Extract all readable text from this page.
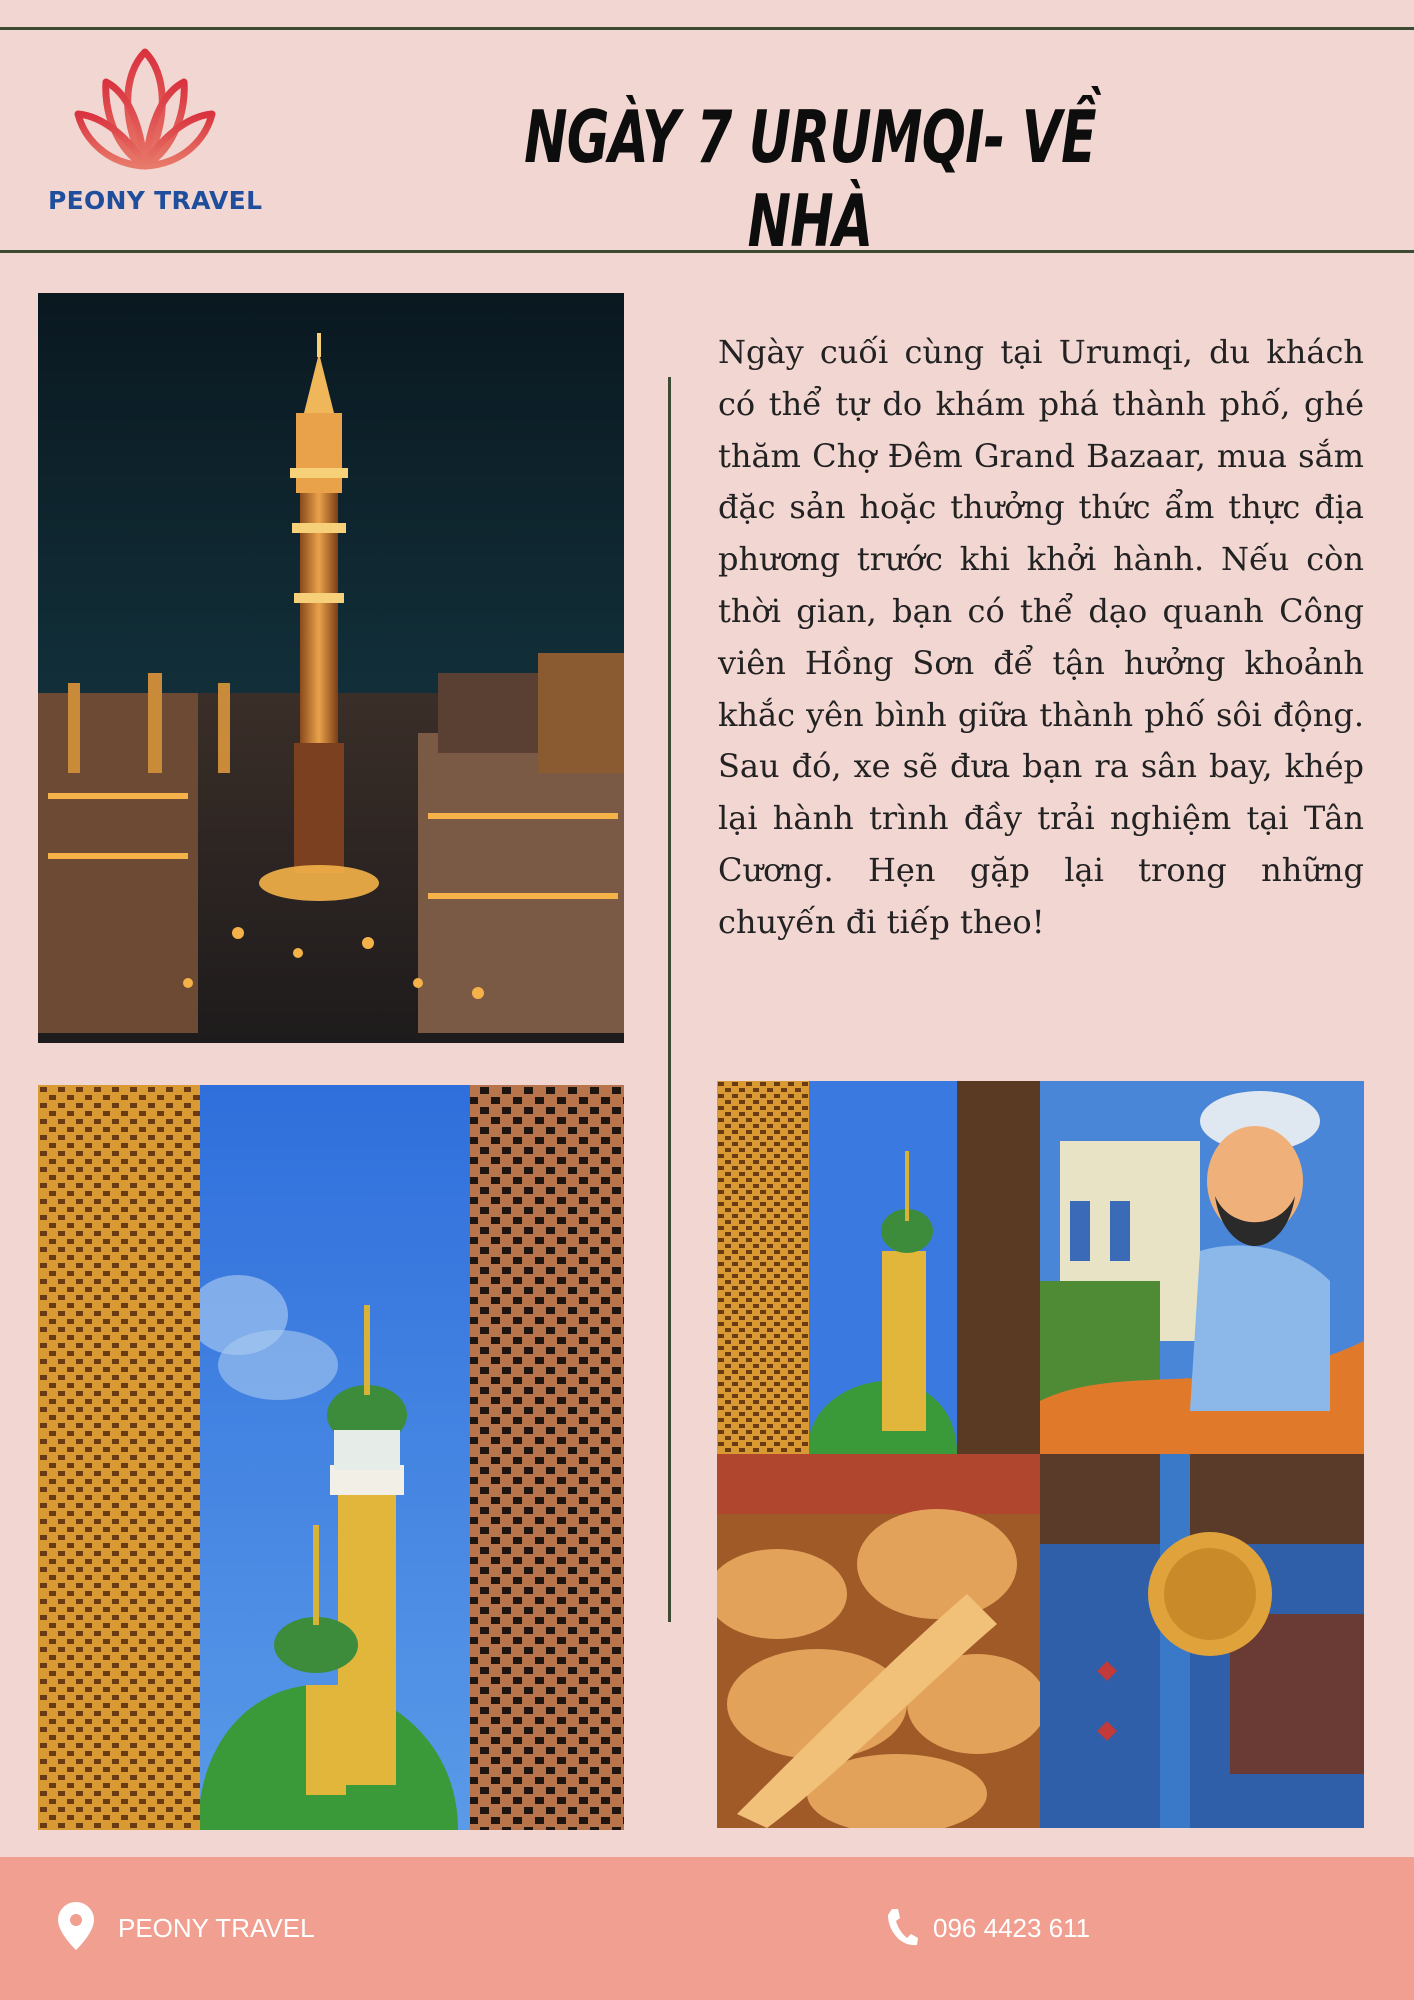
PEONY TRAVEL
NGÀY 7 URUMQI- VỀ NHÀ
Ngày cuối cùng tại Urumqi, du khách có thể tự do khám phá thành phố, ghé thăm Chợ Đêm Grand Bazaar, mua sắm đặc sản hoặc thưởng thức ẩm thực địa phương trước khi khởi hành. Nếu còn thời gian, bạn có thể dạo quanh Công viên Hồng Sơn để tận hưởng khoảnh khắc yên bình giữa thành phố sôi động. Sau đó, xe sẽ đưa bạn ra sân bay, khép lại hành trình đầy trải nghiệm tại Tân Cương. Hẹn gặp lại trong những chuyến đi tiếp theo!
PEONY TRAVEL	096 4423 611
